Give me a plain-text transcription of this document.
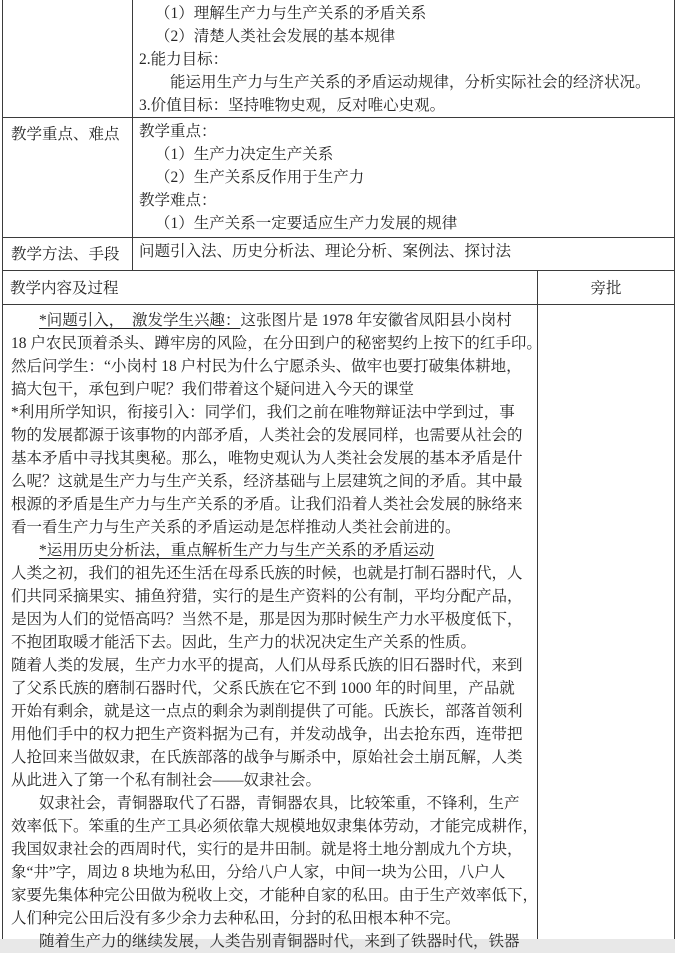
（1）理解生产力与生产关系的矛盾关系
（2）清楚人类社会发展的基本规律
2.能力目标：
能运用生产力与生产关系的矛盾运动规律，分析实际社会的经济状况。
3.价值目标：坚持唯物史观，反对唯心史观。
教学重点、难点	教学重点：
（1）生产力决定生产关系
（2）生产关系反作用于生产力
教学难点：
（1）生产关系一定要适应生产力发展的规律
教学方法、手段	问题引入法、历史分析法、理论分析、案例法、探讨法
教学内容及过程	旁批
*问题引入，  激发学生兴趣：这张图片是 1978 年安徽省凤阳县小岗村
18 户农民顶着杀头、蹲牢房的风险，在分田到户的秘密契约上按下的红手印。
然后问学生：“小岗村 18 户村民为什么宁愿杀头、做牢也要打破集体耕地，
搞大包干，承包到户呢？我们带着这个疑问进入今天的课堂
*利用所学知识，衔接引入：同学们，我们之前在唯物辩证法中学到过，事
物的发展都源于该事物的内部矛盾，人类社会的发展同样，也需要从社会的
基本矛盾中寻找其奥秘。那么，唯物史观认为人类社会发展的基本矛盾是什
么呢？这就是生产力与生产关系，经济基础与上层建筑之间的矛盾。其中最
根源的矛盾是生产力与生产关系的矛盾。让我们沿着人类社会发展的脉络来
看一看生产力与生产关系的矛盾运动是怎样推动人类社会前进的。
*运用历史分析法，重点解析生产力与生产关系的矛盾运动
人类之初，我们的祖先还生活在母系氏族的时候，也就是打制石器时代，人
们共同采摘果实、捕鱼狩猎，实行的是生产资料的公有制，平均分配产品，
是因为人们的觉悟高吗？当然不是，那是因为那时候生产力水平极度低下，
不抱团取暖才能活下去。因此，生产力的状况决定生产关系的性质。
随着人类的发展，生产力水平的提高，人们从母系氏族的旧石器时代，来到
了父系氏族的磨制石器时代，父系氏族在它不到 1000 年的时间里，产品就
开始有剩余，就是这一点点的剩余为剥削提供了可能。氏族长，部落首领利
用他们手中的权力把生产资料据为己有，并发动战争，出去抢东西，连带把
人抢回来当做奴隶，在氏族部落的战争与厮杀中，原始社会土崩瓦解，人类
从此进入了第一个私有制社会——奴隶社会。
奴隶社会，青铜器取代了石器，青铜器农具，比较笨重，不锋利，生产
效率低下。笨重的生产工具必须依靠大规模地奴隶集体劳动，才能完成耕作，
我国奴隶社会的西周时代，实行的是井田制。就是将土地分割成九个方块，
象“井”字，周边 8 块地为私田，分给八户人家，中间一块为公田，八户人
家要先集体种完公田做为税收上交，才能种自家的私田。由于生产效率低下，
人们种完公田后没有多少余力去种私田，分封的私田根本种不完。
随着生产力的继续发展，人类告别青铜器时代，来到了铁器时代，铁器
